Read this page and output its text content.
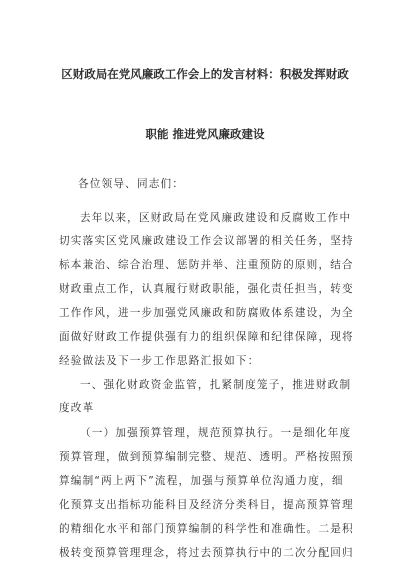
区财政局在党风廉政工作会上的发言材料：积极发挥财政
职能 推进党风廉政建设
各位领导、同志们：
去年以来，区财政局在党风廉政建设和反腐败工作中
切实落实区党风廉政建设工作会议部署的相关任务，坚持
标本兼治、综合治理、惩防并举、注重预防的原则，结合
财政重点工作，认真履行财政职能，强化责任担当，转变
工作作风，进一步加强党风廉政和防腐败体系建设，为全
面做好财政工作提供强有力的组织保障和纪律保障，现将
经验做法及下一步工作思路汇报如下：
一、强化财政资金监管，扎紧制度笼子，推进财政制
度改革
（一）加强预算管理，规范预算执行。一是细化年度
预算管理，做到预算编制完整、规范、透明。严格按照预
算编制“两上两下”流程，加强与预算单位沟通力度，细
化预算支出指标功能科目及经济分类科目，提高预算管理
的精细化水平和部门预算编制的科学性和准确性。二是积
极转变预算管理理念，将过去预算执行中的二次分配回归
